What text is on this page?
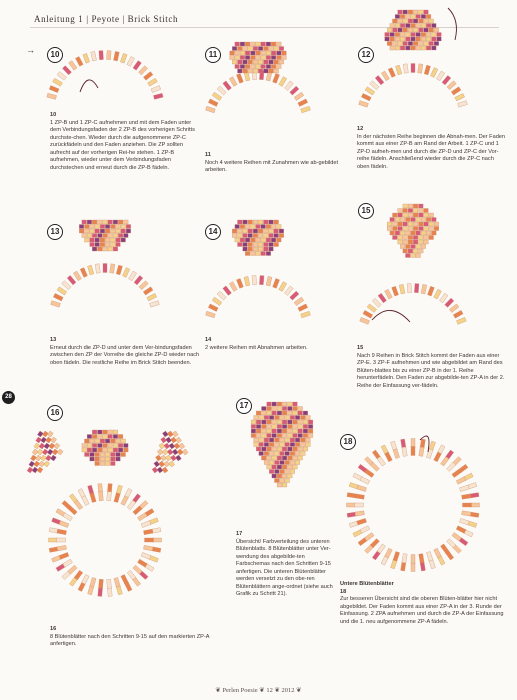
Anleitung 1 | Peyote | Brick Stitch
→
28
10	11	12
13	14
15
16
17
18
10
1 ZP-B und 1 ZP-C aufnehmen und mit dem Faden unter dem Verbindungsfaden der 2 ZP-B des vorherigen Schritts durchste-chen. Wieder durch die aufgenommene ZP-C zurückfädeln und den Faden anziehen. Die ZP sollten aufrecht auf der vorherigen Rei-he stehen. 1 ZP-B aufnehmen, wieder unter dem Verbindungsfaden durchstechen und erneut durch die ZP-B fädeln.
11
Noch 4 weitere Reihen mit Zunahmen wie ab-gebildet arbeiten.
12
In der nächsten Reihe beginnen die Abnah-men. Der Faden kommt aus einer ZP-B am Rand der Arbeit. 1 ZP-C und 1 ZP-D aufneh-men und durch die ZP-D und ZP-C der Vor-reihe fädeln. Anschließend wieder durch die ZP-C nach oben fädeln.
13
Erneut durch die ZP-D und unter dem Ver-bindungsfaden zwischen den ZP der Vorreihe die gleiche ZP-D wieder nach oben fädeln. Die restliche Reihe im Brick Stitch beenden.
14
2 weitere Reihen mit Abnahmen arbeiten.	15
Nach 9 Reihen in Brick Stitch kommt der Faden aus einer ZP-E. 3 ZP-F aufnehmen und wie abgebildet am Rand des Blüten-blattes bis zu einer ZP-B in der 1. Reihe herunterfädeln. Den Faden zur abgebilde-ten ZP-A in der 2. Reihe der Einfassung ver-fädeln.
16
8 Blütenblätter nach den Schritten 9-15 auf den markierten ZP-A anfertigen.
17
Übersicht/ Farbverteilung des unteren Blütenblatts. 8 Blütenblätter unter Ver-wendung des abgebilde-ten Farbschemas nach den Schritten 9-15 anfertigen. Die unteren Blütenblätter werden versetzt zu den obe-ren Blütenblättern ange-ordnet (siehe auch Grafik zu Schritt 21).
Untere Blütenblätter
18
Zur besseren Übersicht sind die oberen Blüten-blätter hier nicht abgebildet. Der Faden kommt aus einer ZP-A in der 3. Runde der Einfassung. 2 ZPA aufnehmen und durch die ZP-A der Einfassung und die 1. neu aufgenommene ZP-A fädeln.
❦ Perlen Poesie ❦ 12 ❦ 2012 ❦
